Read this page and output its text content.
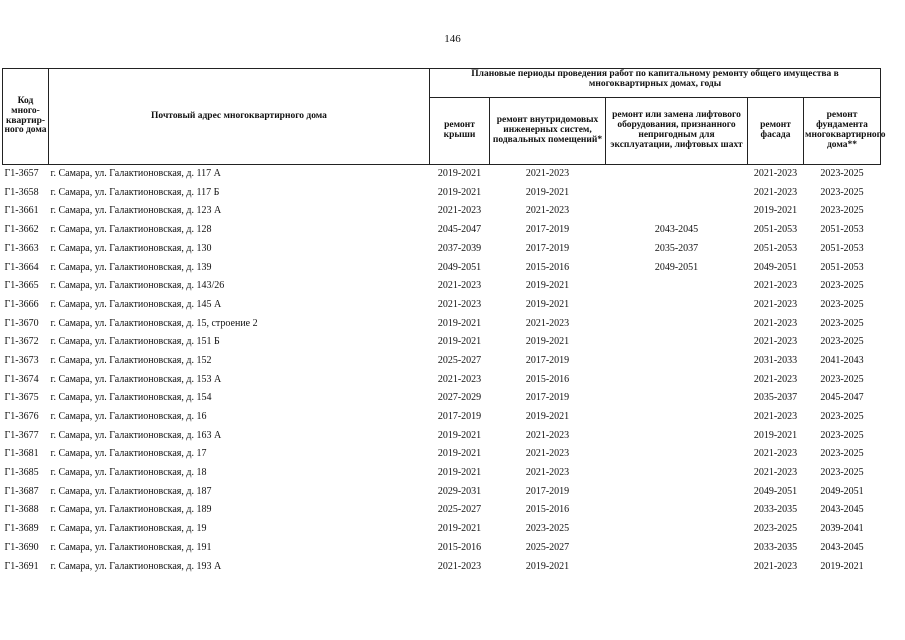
146
Код много-квартир-ного дома	Почтовый адрес многоквартирного дома	Плановые периоды проведения работ по капитальному ремонту общего имущества в многоквартирных домах, годы				
		ремонт крыши	ремонт внутридомовых инженерных систем, подвальных помещений*	ремонт или замена лифтового оборудования, признанного непригодным для эксплуатации, лифтовых шахт	ремонт фасада	ремонт фундамента многоквартирного дома**
Г1-3657	г. Самара, ул. Галактионовская, д. 117 А	2019-2021	2021-2023		2021-2023	2023-2025
Г1-3658	г. Самара, ул. Галактионовская, д. 117 Б	2019-2021	2019-2021		2021-2023	2023-2025
Г1-3661	г. Самара, ул. Галактионовская, д. 123 А	2021-2023	2021-2023		2019-2021	2023-2025
Г1-3662	г. Самара, ул. Галактионовская, д. 128	2045-2047	2017-2019	2043-2045	2051-2053	2051-2053
Г1-3663	г. Самара, ул. Галактионовская, д. 130	2037-2039	2017-2019	2035-2037	2051-2053	2051-2053
Г1-3664	г. Самара, ул. Галактионовская, д. 139	2049-2051	2015-2016	2049-2051	2049-2051	2051-2053
Г1-3665	г. Самара, ул. Галактионовская, д. 143/26	2021-2023	2019-2021		2021-2023	2023-2025
Г1-3666	г. Самара, ул. Галактионовская, д. 145 А	2021-2023	2019-2021		2021-2023	2023-2025
Г1-3670	г. Самара, ул. Галактионовская, д. 15, строение 2	2019-2021	2021-2023		2021-2023	2023-2025
Г1-3672	г. Самара, ул. Галактионовская, д. 151 Б	2019-2021	2019-2021		2021-2023	2023-2025
Г1-3673	г. Самара, ул. Галактионовская, д. 152	2025-2027	2017-2019		2031-2033	2041-2043
Г1-3674	г. Самара, ул. Галактионовская, д. 153 А	2021-2023	2015-2016		2021-2023	2023-2025
Г1-3675	г. Самара, ул. Галактионовская, д. 154	2027-2029	2017-2019		2035-2037	2045-2047
Г1-3676	г. Самара, ул. Галактионовская, д. 16	2017-2019	2019-2021		2021-2023	2023-2025
Г1-3677	г. Самара, ул. Галактионовская, д. 163 А	2019-2021	2021-2023		2019-2021	2023-2025
Г1-3681	г. Самара, ул. Галактионовская, д. 17	2019-2021	2021-2023		2021-2023	2023-2025
Г1-3685	г. Самара, ул. Галактионовская, д. 18	2019-2021	2021-2023		2021-2023	2023-2025
Г1-3687	г. Самара, ул. Галактионовская, д. 187	2029-2031	2017-2019		2049-2051	2049-2051
Г1-3688	г. Самара, ул. Галактионовская, д. 189	2025-2027	2015-2016		2033-2035	2043-2045
Г1-3689	г. Самара, ул. Галактионовская, д. 19	2019-2021	2023-2025		2023-2025	2039-2041
Г1-3690	г. Самара, ул. Галактионовская, д. 191	2015-2016	2025-2027		2033-2035	2043-2045
Г1-3691	г. Самара, ул. Галактионовская, д. 193 А	2021-2023	2019-2021		2021-2023	2019-2021
